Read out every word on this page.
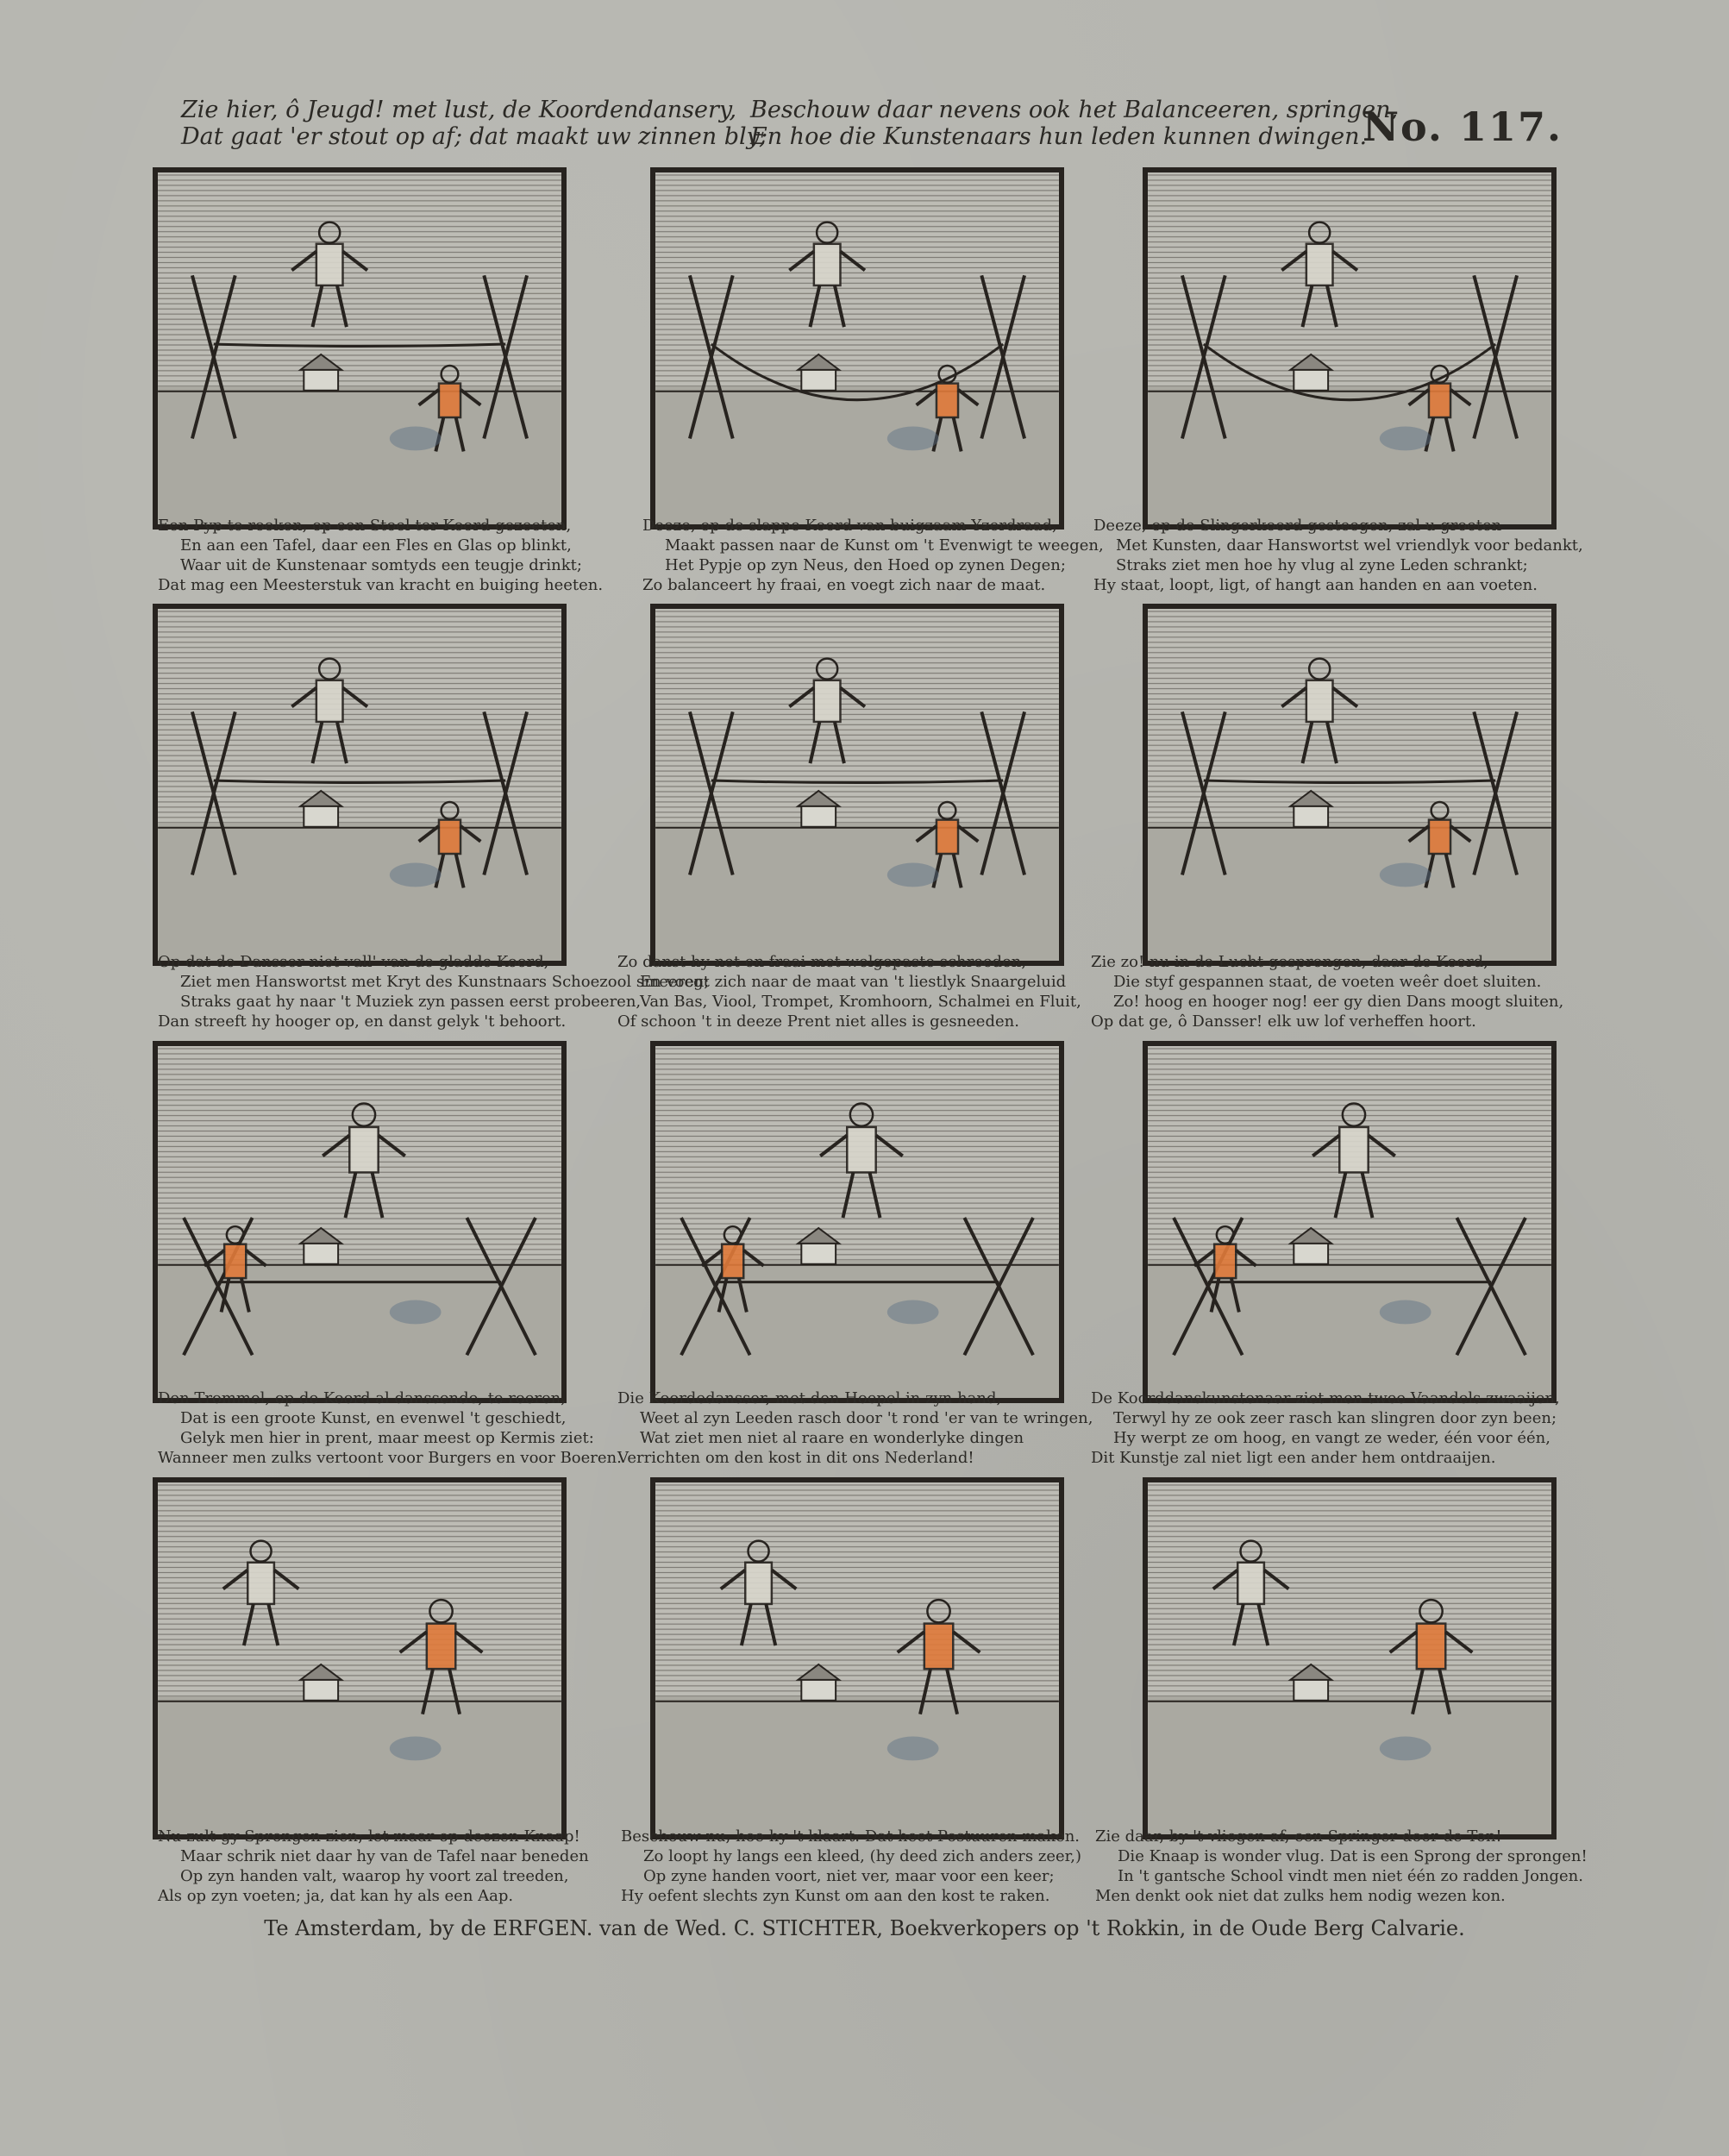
Zie hier, ô Jeugd! met lust, de Koordendansery,
Dat gaat 'er stout op af; dat maakt uw zinnen bly;
Beschouw daar nevens ook het Balanceeren, springen,
En hoe die Kunstenaars hun leden kunnen dwingen.
No. 117.
Een Pyp te rooken, op een Stoel ter Koord gezeeten,
En aan een Tafel, daar een Fles en Glas op blinkt,
Waar uit de Kunstenaar somtyds een teugje drinkt;
Dat mag een Meesterstuk van kracht en buiging heeten.
Deeze, op de slappe Koord van buigzaam Yzerdraad,
Maakt passen naar de Kunst om 't Evenwigt te weegen,
Het Pypje op zyn Neus, den Hoed op zynen Degen;
Zo balanceert hy fraai, en voegt zich naar de maat.
Deeze, op de Slingerkoord gesteegen, zal u groeten
Met Kunsten, daar Hanswortst wel vriendlyk voor bedankt,
Straks ziet men hoe hy vlug al zyne Leden schrankt;
Hy staat, loopt, ligt, of hangt aan handen en aan voeten.
Op dat de Dansser niet vall' van de gladde Koord,
Ziet men Hanswortst met Kryt des Kunstnaars Schoezool smeeren;
Straks gaat hy naar 't Muziek zyn passen eerst probeeren,
Dan streeft hy hooger op, en danst gelyk 't behoort.
Zo danst hy net en fraai met welgepaste schreeden,
En voegt zich naar de maat van 't liestlyk Snaargeluid
Van Bas, Viool, Trompet, Kromhoorn, Schalmei en Fluit,
Of schoon 't in deeze Prent niet alles is gesneeden.
Zie zo! nu in de Lucht gesprongen, daar de Koord,
Die styf gespannen staat, de voeten weêr doet sluiten.
Zo! hoog en hooger nog! eer gy dien Dans moogt sluiten,
Op dat ge, ô Dansser! elk uw lof verheffen hoort.
Den Trommel, op de Koord al danssende, te roeren,
Dat is een groote Kunst, en evenwel 't geschiedt,
Gelyk men hier in prent, maar meest op Kermis ziet:
Wanneer men zulks vertoont voor Burgers en voor Boeren.
Die Koordedansser, met den Hoepel in zyn hand,
Weet al zyn Leeden rasch door 't rond 'er van te wringen,
Wat ziet men niet al raare en wonderlyke dingen
Verrichten om den kost in dit ons Nederland!
De Koorddanskunstenaar ziet men twee Vaandels zwaaijen,
Terwyl hy ze ook zeer rasch kan slingren door zyn been;
Hy werpt ze om hoog, en vangt ze weder, één voor één,
Dit Kunstje zal niet ligt een ander hem ontdraaijen.
Nu zult gy Sprongen zien; let maar op deezen Knaap!
Maar schrik niet daar hy van de Tafel naar beneden
Op zyn handen valt, waarop hy voort zal treeden,
Als op zyn voeten; ja, dat kan hy als een Aap.
Beschouw nu, hoe hy 't klaart: Dat heet Postuuren maken.
Zo loopt hy langs een kleed, (hy deed zich anders zeer,)
Op zyne handen voort, niet ver, maar voor een keer;
Hy oefent slechts zyn Kunst om aan den kost te raken.
Zie daar, by 't vliegen af, een Springer door de Ton!
Die Knaap is wonder vlug. Dat is een Sprong der sprongen!
In 't gantsche School vindt men niet één zo radden Jongen.
Men denkt ook niet dat zulks hem nodig wezen kon.
Te Amsterdam, by de ERFGEN. van de Wed. C. STICHTER, Boekverkopers op 't Rokkin, in de Oude Berg Calvarie.
